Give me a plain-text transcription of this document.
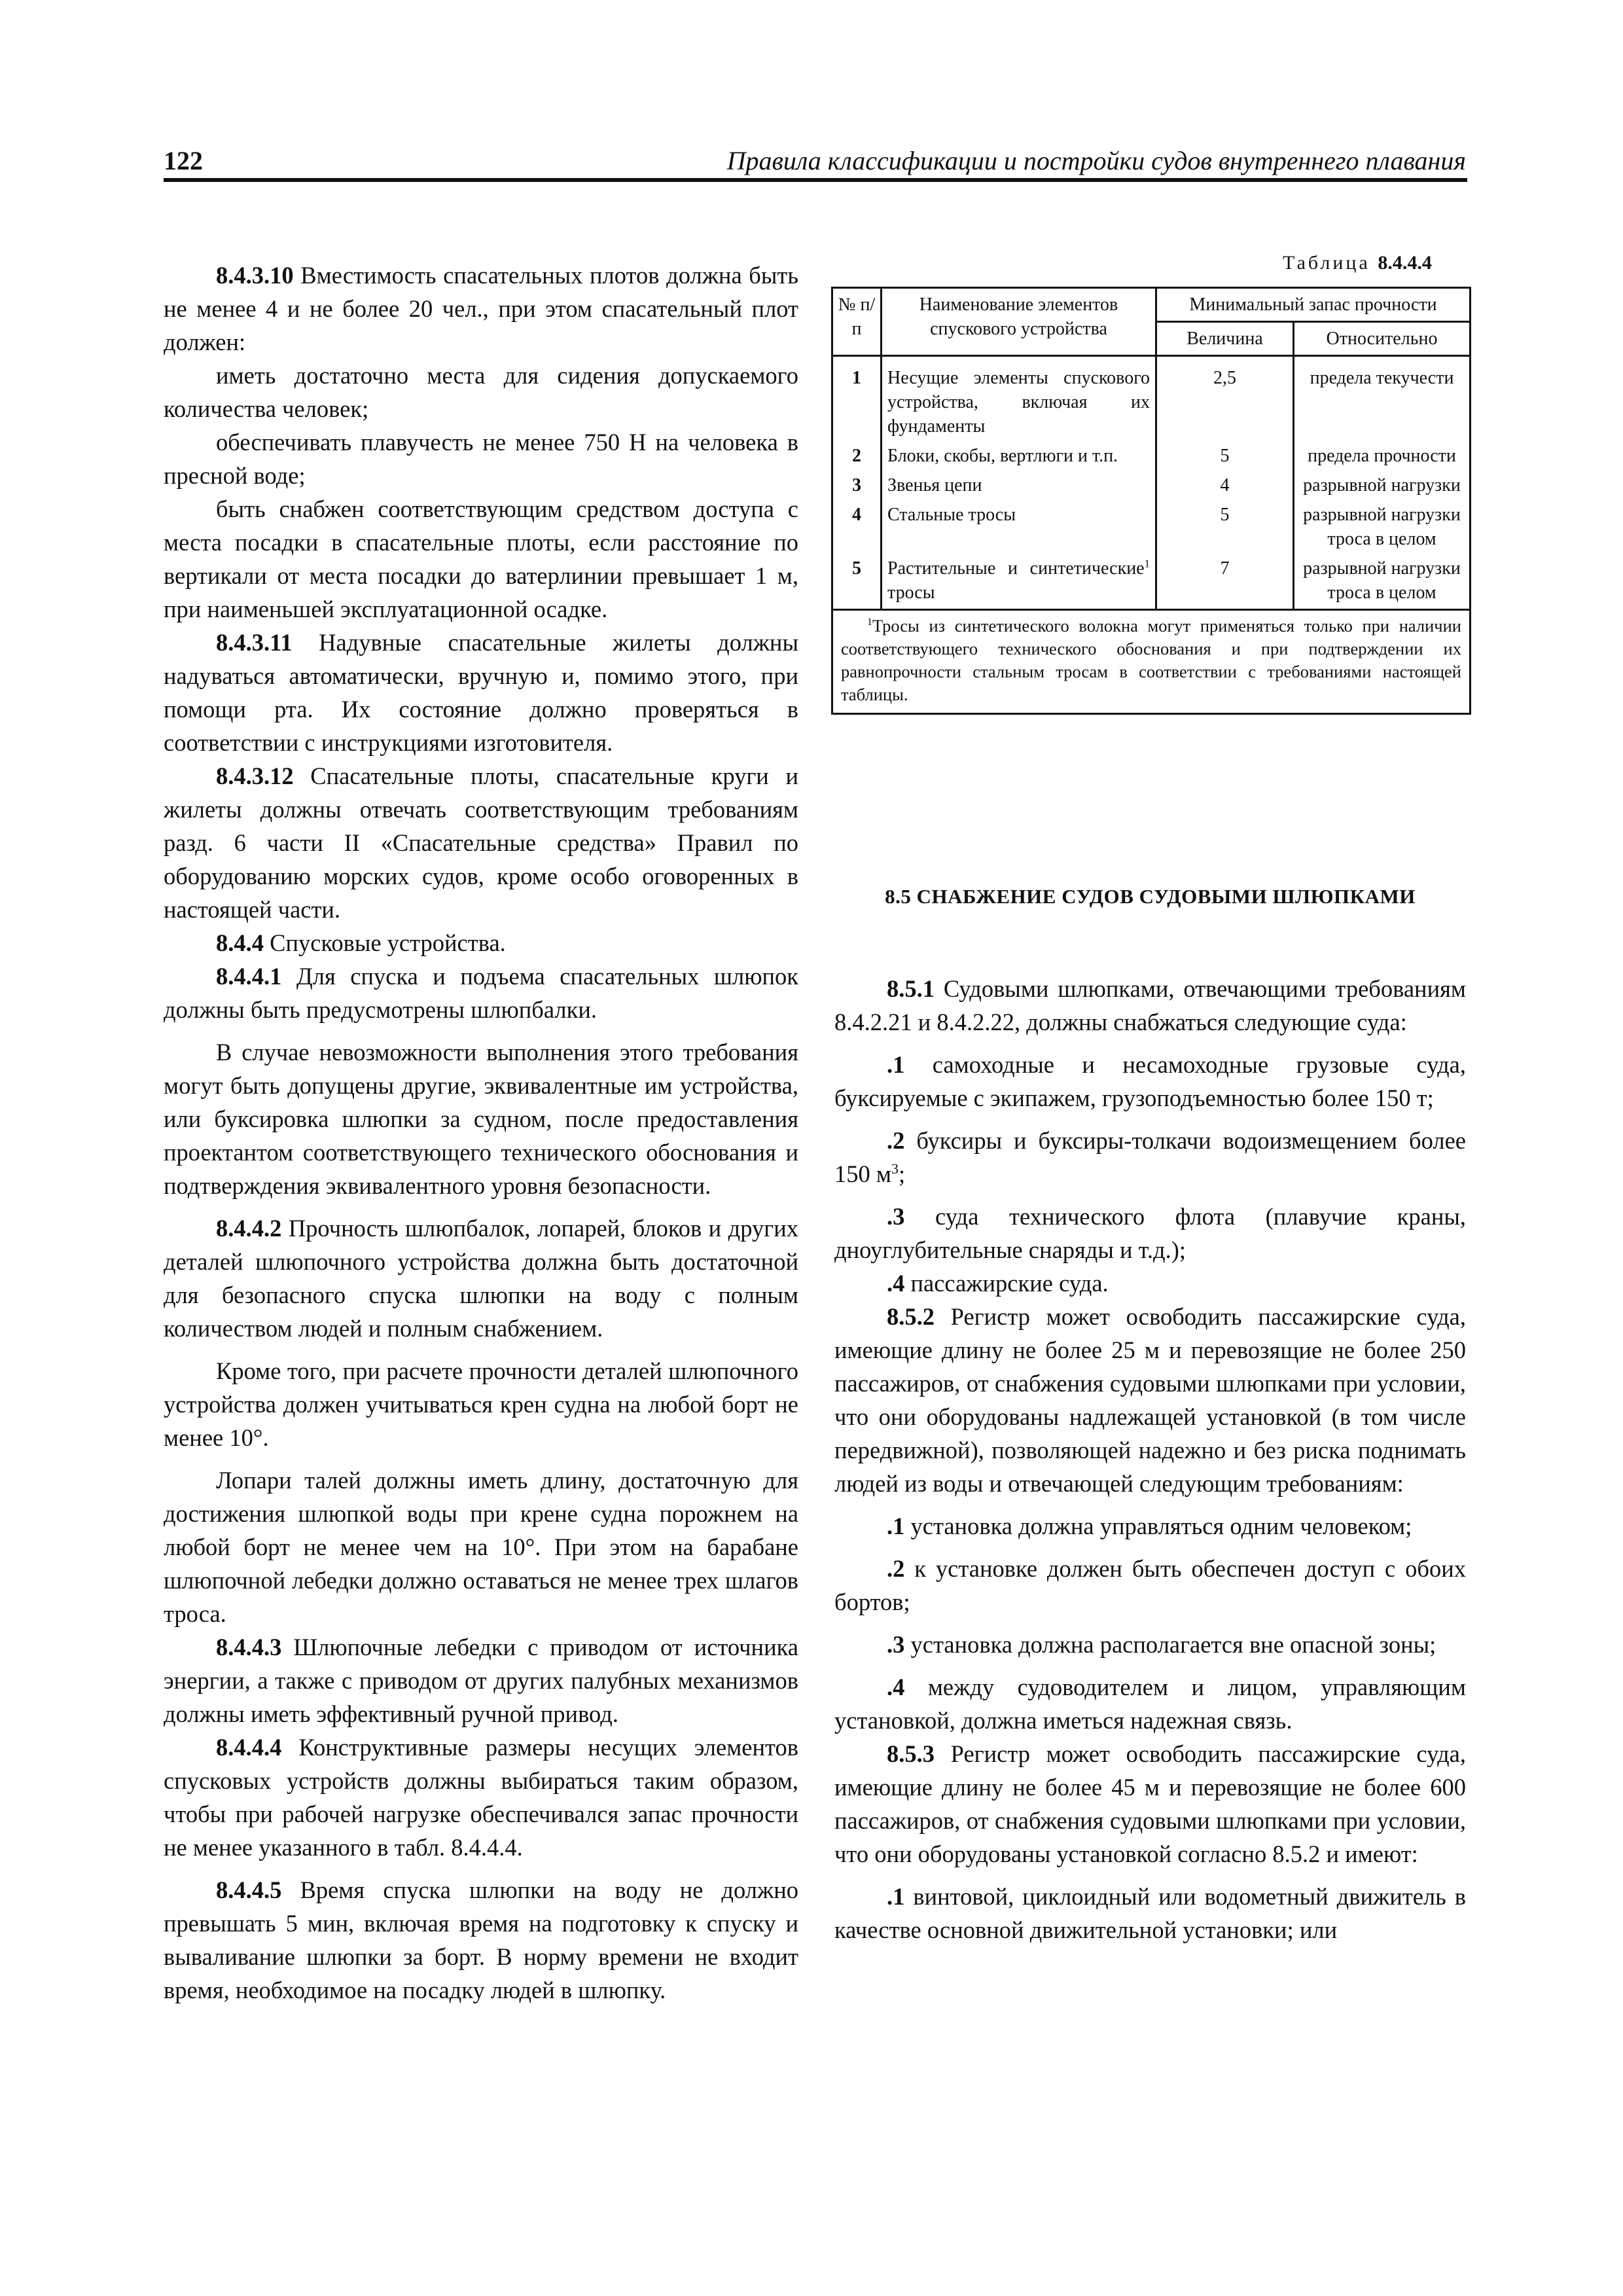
122	Правила классификации и постройки судов внутреннего плавания

8.4.3.10 Вместимость спасательных плотов должна быть не менее 4 и не более 20 чел., при этом спасательный плот должен:

иметь достаточно места для сидения допускаемого количества человек;

обеспечивать плавучесть не менее 750 Н на человека в пресной воде;

быть снабжен соответствующим средством доступа с места посадки в спасательные плоты, если расстояние по вертикали от места посадки до ватерлинии превышает 1 м, при наименьшей эксплуатационной осадке.

8.4.3.11 Надувные спасательные жилеты должны надуваться автоматически, вручную и, помимо этого, при помощи рта. Их состояние должно проверяться в соответствии с инструкциями изготовителя.

8.4.3.12 Спасательные плоты, спасательные круги и жилеты должны отвечать соответствующим требованиям разд. 6 части II «Спасательные средства» Правил по оборудованию морских судов, кроме особо оговоренных в настоящей части.

8.4.4 Спусковые устройства.

8.4.4.1 Для спуска и подъема спасательных шлюпок должны быть предусмотрены шлюпбалки.

В случае невозможности выполнения этого требования могут быть допущены другие, эквивалентные им устройства, или буксировка шлюпки за судном, после предоставления проектантом соответствующего технического обоснования и подтверждения эквивалентного уровня безопасности.

8.4.4.2 Прочность шлюпбалок, лопарей, блоков и других деталей шлюпочного устройства должна быть достаточной для безопасного спуска шлюпки на воду с полным количеством людей и полным снабжением.

Кроме того, при расчете прочности деталей шлюпочного устройства должен учитываться крен судна на любой борт не менее 10°.

Лопари талей должны иметь длину, достаточную для достижения шлюпкой воды при крене судна порожнем на любой борт не менее чем на 10°. При этом на барабане шлюпочной лебедки должно оставаться не менее трех шлагов троса.

8.4.4.3 Шлюпочные лебедки с приводом от источника энергии, а также с приводом от других палубных механизмов должны иметь эффективный ручной привод.

8.4.4.4 Конструктивные размеры несущих элементов спусковых устройств должны выбираться таким образом, чтобы при рабочей нагрузке обеспечивался запас прочности не менее указанного в табл. 8.4.4.4.

8.4.4.5 Время спуска шлюпки на воду не должно превышать 5 мин, включая время на подготовку к спуску и вываливание шлюпки за борт. В норму времени не входит время, необходимое на посадку людей в шлюпку.

Таблица 8.4.4.4
№ п/п	Наименование элементов спускового устройства	Минимальный запас прочности	
		Величина	Относительно
1	Несущие элементы спускового устройства, включая их фундаменты	2,5	предела текучести
2	Блоки, скобы, вертлюги и т.п.	5	предела прочности
3	Звенья цепи	4	разрывной нагрузки
4	Стальные тросы	5	разрывной нагрузки троса в целом
5	Растительные и синтетические$^1$ тросы	7	разрывной нагрузки троса в целом
$^1$Тросы из синтетического волокна могут применяться только при наличии соответствующего технического обоснования и при подтверждении их равнопрочности стальным тросам в соответствии с требованиями настоящей таблицы.			
8.5 СНАБЖЕНИЕ СУДОВ СУДОВЫМИ ШЛЮПКАМИ

8.5.1 Судовыми шлюпками, отвечающими требованиям 8.4.2.21 и 8.4.2.22, должны снабжаться следующие суда:

.1 самоходные и несамоходные грузовые суда, буксируемые с экипажем, грузоподъемностью более 150 т;

.2 буксиры и буксиры-толкачи водоизмещением более 150 $м^3$;

.3 суда технического флота (плавучие краны, дноуглубительные снаряды и т.д.);

.4 пассажирские суда.

8.5.2 Регистр может освободить пассажирские суда, имеющие длину не более 25 м и перевозящие не более 250 пассажиров, от снабжения судовыми шлюпками при условии, что они оборудованы надлежащей установкой (в том числе передвижной), позволяющей надежно и без риска поднимать людей из воды и отвечающей следующим требованиям:

.1 установка должна управляться одним человеком;

.2 к установке должен быть обеспечен доступ с обоих бортов;

.3 установка должна располагается вне опасной зоны;

.4 между судоводителем и лицом, управляющим установкой, должна иметься надежная связь.

8.5.3 Регистр может освободить пассажирские суда, имеющие длину не более 45 м и перевозящие не более 600 пассажиров, от снабжения судовыми шлюпками при условии, что они оборудованы установкой согласно 8.5.2 и имеют:

.1 винтовой, циклоидный или водометный движитель в качестве основной движительной установки; или
